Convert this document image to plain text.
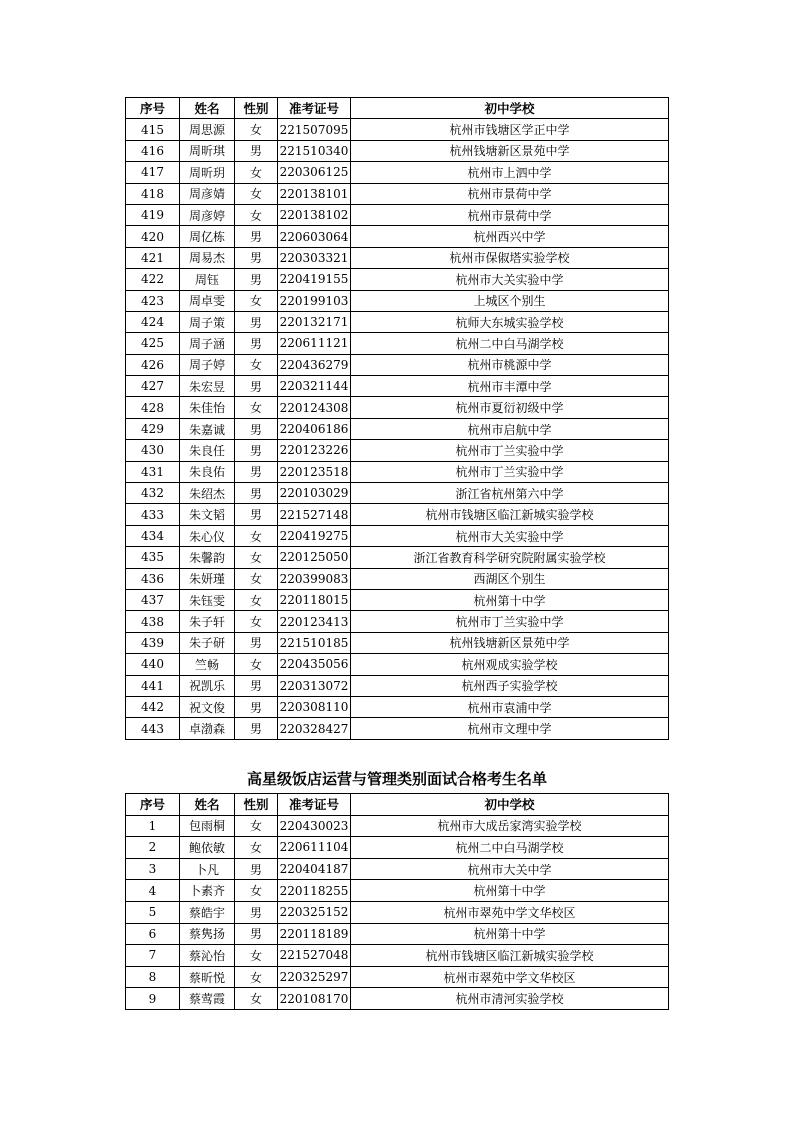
序号	姓名	性别	准考证号	初中学校
415	周思源	女	221507095	杭州市钱塘区学正中学
416	周昕琪	男	221510340	杭州钱塘新区景苑中学
417	周昕玥	女	220306125	杭州市上泗中学
418	周彦婧	女	220138101	杭州市景荷中学
419	周彦婷	女	220138102	杭州市景荷中学
420	周亿栋	男	220603064	杭州西兴中学
421	周易杰	男	220303321	杭州市保俶塔实验学校
422	周钰	男	220419155	杭州市大关实验中学
423	周卓雯	女	220199103	上城区个别生
424	周子策	男	220132171	杭师大东城实验学校
425	周子涵	男	220611121	杭州二中白马湖学校
426	周子婷	女	220436279	杭州市桃源中学
427	朱宏昱	男	220321144	杭州市丰潭中学
428	朱佳怡	女	220124308	杭州市夏衍初级中学
429	朱嘉诚	男	220406186	杭州市启航中学
430	朱良任	男	220123226	杭州市丁兰实验中学
431	朱良佑	男	220123518	杭州市丁兰实验中学
432	朱绍杰	男	220103029	浙江省杭州第六中学
433	朱文韬	男	221527148	杭州市钱塘区临江新城实验学校
434	朱心仪	女	220419275	杭州市大关实验中学
435	朱馨韵	女	220125050	浙江省教育科学研究院附属实验学校
436	朱妍瑾	女	220399083	西湖区个别生
437	朱钰雯	女	220118015	杭州第十中学
438	朱子轩	女	220123413	杭州市丁兰实验中学
439	朱子研	男	221510185	杭州钱塘新区景苑中学
440	竺畅	女	220435056	杭州观成实验学校
441	祝凯乐	男	220313072	杭州西子实验学校
442	祝文俊	男	220308110	杭州市袁浦中学
443	卓渤森	男	220328427	杭州市文理中学
高星级饭店运营与管理类别面试合格考生名单
序号	姓名	性别	准考证号	初中学校
1	包雨桐	女	220430023	杭州市大成岳家湾实验学校
2	鲍依敏	女	220611104	杭州二中白马湖学校
3	卜凡	男	220404187	杭州市大关中学
4	卜素齐	女	220118255	杭州第十中学
5	蔡皓宇	男	220325152	杭州市翠苑中学文华校区
6	蔡隽扬	男	220118189	杭州第十中学
7	蔡沁怡	女	221527048	杭州市钱塘区临江新城实验学校
8	蔡昕悦	女	220325297	杭州市翠苑中学文华校区
9	蔡莺霞	女	220108170	杭州市清河实验学校
